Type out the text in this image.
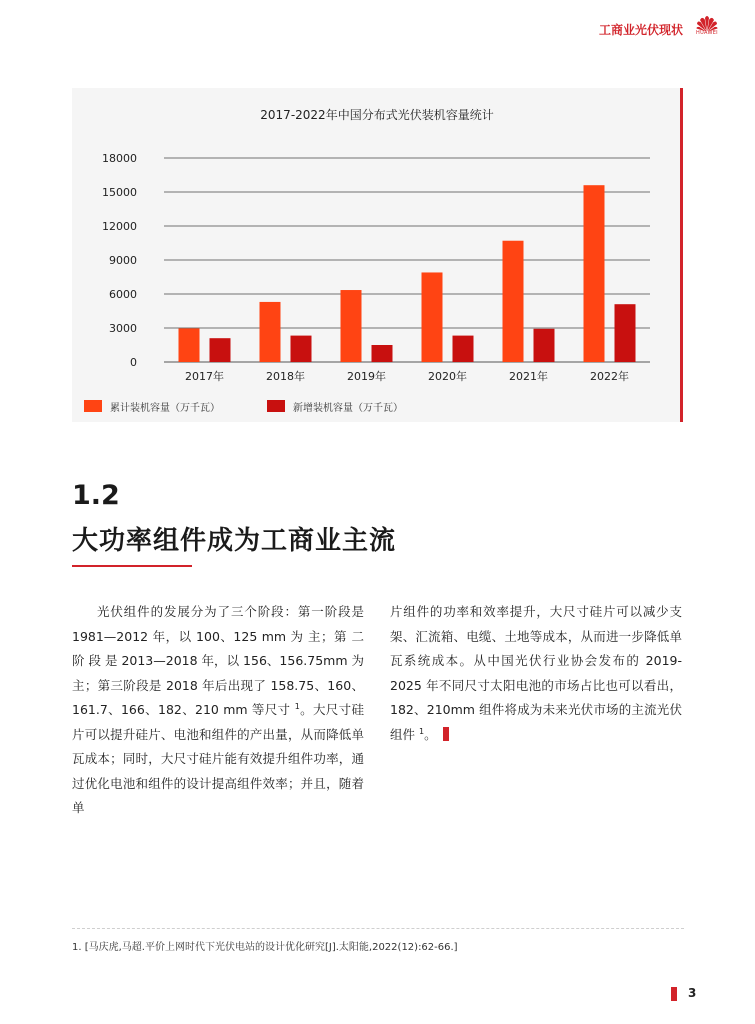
工商业光伏现状	HUAWEI
2017-2022年中国分布式光伏装机容量统计
0
3000
6000
9000
12000
15000
18000
2017年	2018年	2019年	2020年	2021年	2022年
累计装机容量（万千瓦）	新增装机容量（万千瓦）
1.2
大功率组件成为工商业主流

光伏组件的发展分为了三个阶段：第一阶段是1981—2012 年，以 100、125 mm 为 主；第 二 阶 段 是 2013—2018 年，以 156、156.75mm 为主；第三阶段是 2018 年后出现了 158.75、160、161.7、166、182、210 mm 等尺寸 $^1$。大尺寸硅片可以提升硅片、电池和组件的产出量，从而降低单瓦成本；同时，大尺寸硅片能有效提升组件功率，通过优化电池和组件的设计提高组件效率；并且，随着单

片组件的功率和效率提升，大尺寸硅片可以减少支架、汇流箱、电缆、土地等成本，从而进一步降低单瓦系统成本。从中国光伏行业协会发布的 2019-2025 年不同尺寸太阳电池的市场占比也可以看出，182、210mm 组件将成为未来光伏市场的主流光伏组件 $^1$。

1. [马庆虎,马超.平价上网时代下光伏电站的设计优化研究[J].太阳能,2022(12):62-66.]
3
